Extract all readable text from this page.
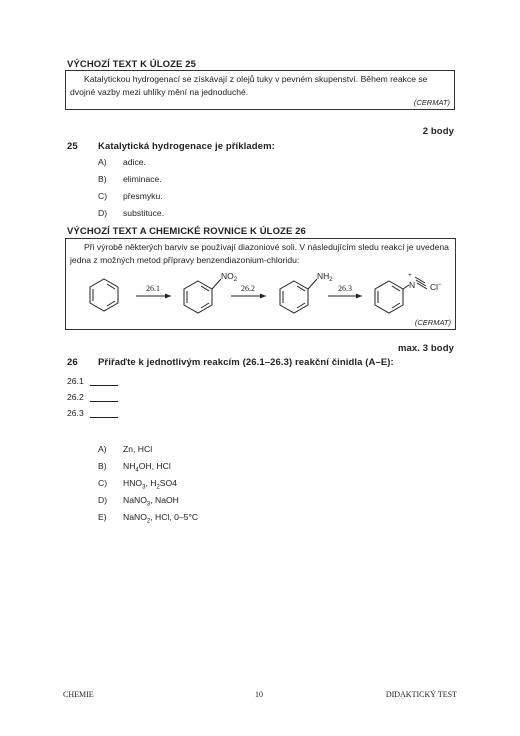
VÝCHOZÍ TEXT K ÚLOZE 25
Katalytickou hydrogenací se získávají z olejů tuky v pevném skupenství. Během reakce se dvojné vazby mezi uhlíky mění na jednoduché.
(CERMAT)
2 body
25 Katalytická hydrogenace je příkladem:
A) adice.
B) eliminace.
C) přesmyku.
D) substituce.
VÝCHOZÍ TEXT A CHEMICKÉ ROVNICE K ÚLOZE 26
Při výrobě některých barviv se používají diazoniové soli. V následujícím sledu reakcí je uvedena jedna z možných metod přípravy benzendiazonium-chloridu:
26.1	26.2	26.3
$NO_2$	$NH_2$
+
N Cl−
(CERMAT)
max. 3 body
26 Přiřaďte k jednotlivým reakcím (26.1–26.3) reakční činidla (A–E):
26.1
26.2
26.3
A) Zn, HCl
B) $NH_4OH$, HCl
C) $HNO_3$, $H_2SO4$
D) NaNO$_3$, NaOH
E) NaNO$_2$, HCl, 0–5°C
CHEMIE	10	DIDAKTICKÝ TEST
